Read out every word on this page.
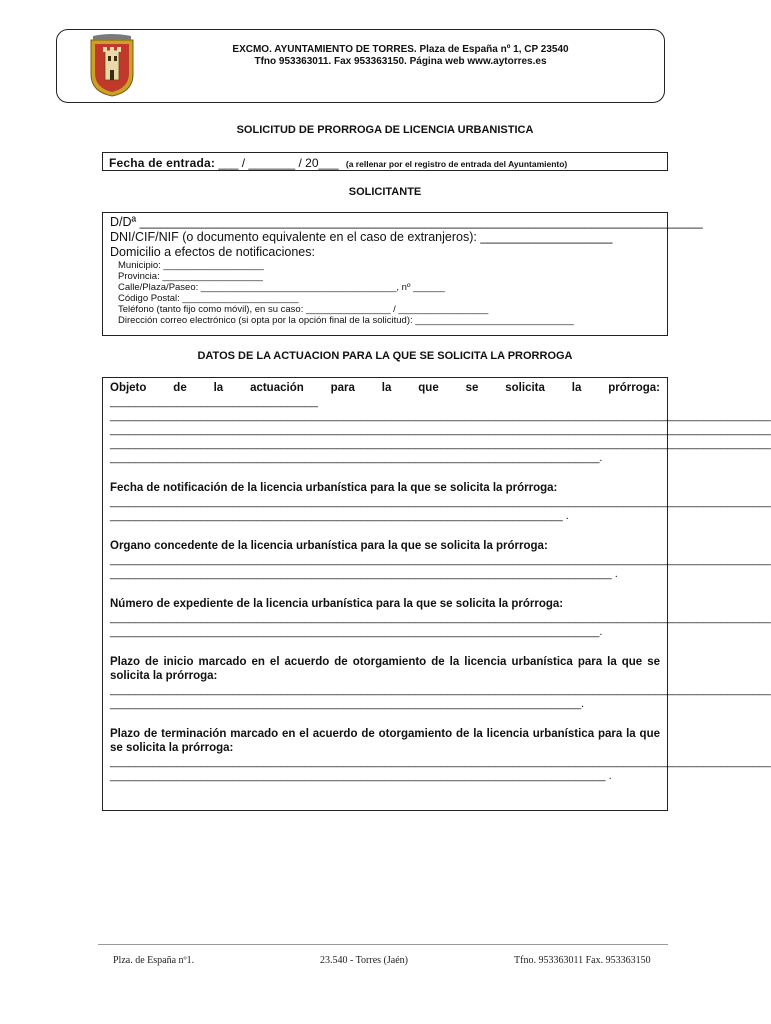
EXCMO. AYUNTAMIENTO DE TORRES. Plaza de España nº 1, CP 23540
Tfno 953363011. Fax 953363150. Página web www.aytorres.es
SOLICITUD DE PRORROGA DE LICENCIA URBANISTICA
Fecha de entrada: ___ / _______ / 20___ (a rellenar por el registro de entrada del Ayuntamiento)
SOLICITANTE
D/Dª _________________________________________________________________________________
DNI/CIF/NIF (o documento equivalente en el caso de extranjeros): ___________________
Domicilio a efectos de notificaciones:
Municipio: ___________________
Provincia: ___________________
Calle/Plaza/Paseo: _____________________________________, nº ______
Código Postal: ______________________
Teléfono (tanto fijo como móvil), en su caso: ________________ / _________________
Dirección correo electrónico (si opta por la opción final de la solicitud): ______________________________
DATOS DE LA ACTUACION PARA LA QUE SE SOLICITA LA PRORROGA
Objeto de la actuación para la que se solicita la prórroga:
__________________________________
____________________________________________________________________________________________________________
____________________________________________________________________________________________________________
____________________________________________________________________________________________________________
________________________________________________________________________________.
Fecha de notificación de la licencia urbanística para la que se solicita la prórroga:
____________________________________________________________________________________________________________
__________________________________________________________________________ .
Organo concedente de la licencia urbanística para la que se solicita la prórroga:
____________________________________________________________________________________________________________
__________________________________________________________________________________ .
Número de expediente de la licencia urbanística para la que se solicita la prórroga:
____________________________________________________________________________________________________________
________________________________________________________________________________.
Plazo de inicio marcado en el acuerdo de otorgamiento de la licencia urbanística para la que se solicita la prórroga:
____________________________________________________________________________________________________________
_____________________________________________________________________________.
Plazo de terminación marcado en el acuerdo de otorgamiento de la licencia urbanística para la que se solicita la prórroga:
____________________________________________________________________________________________________________
_________________________________________________________________________________ .
Plza. de España nº1.	23.540 - Torres (Jaén)	Tfno. 953363011 Fax. 953363150
